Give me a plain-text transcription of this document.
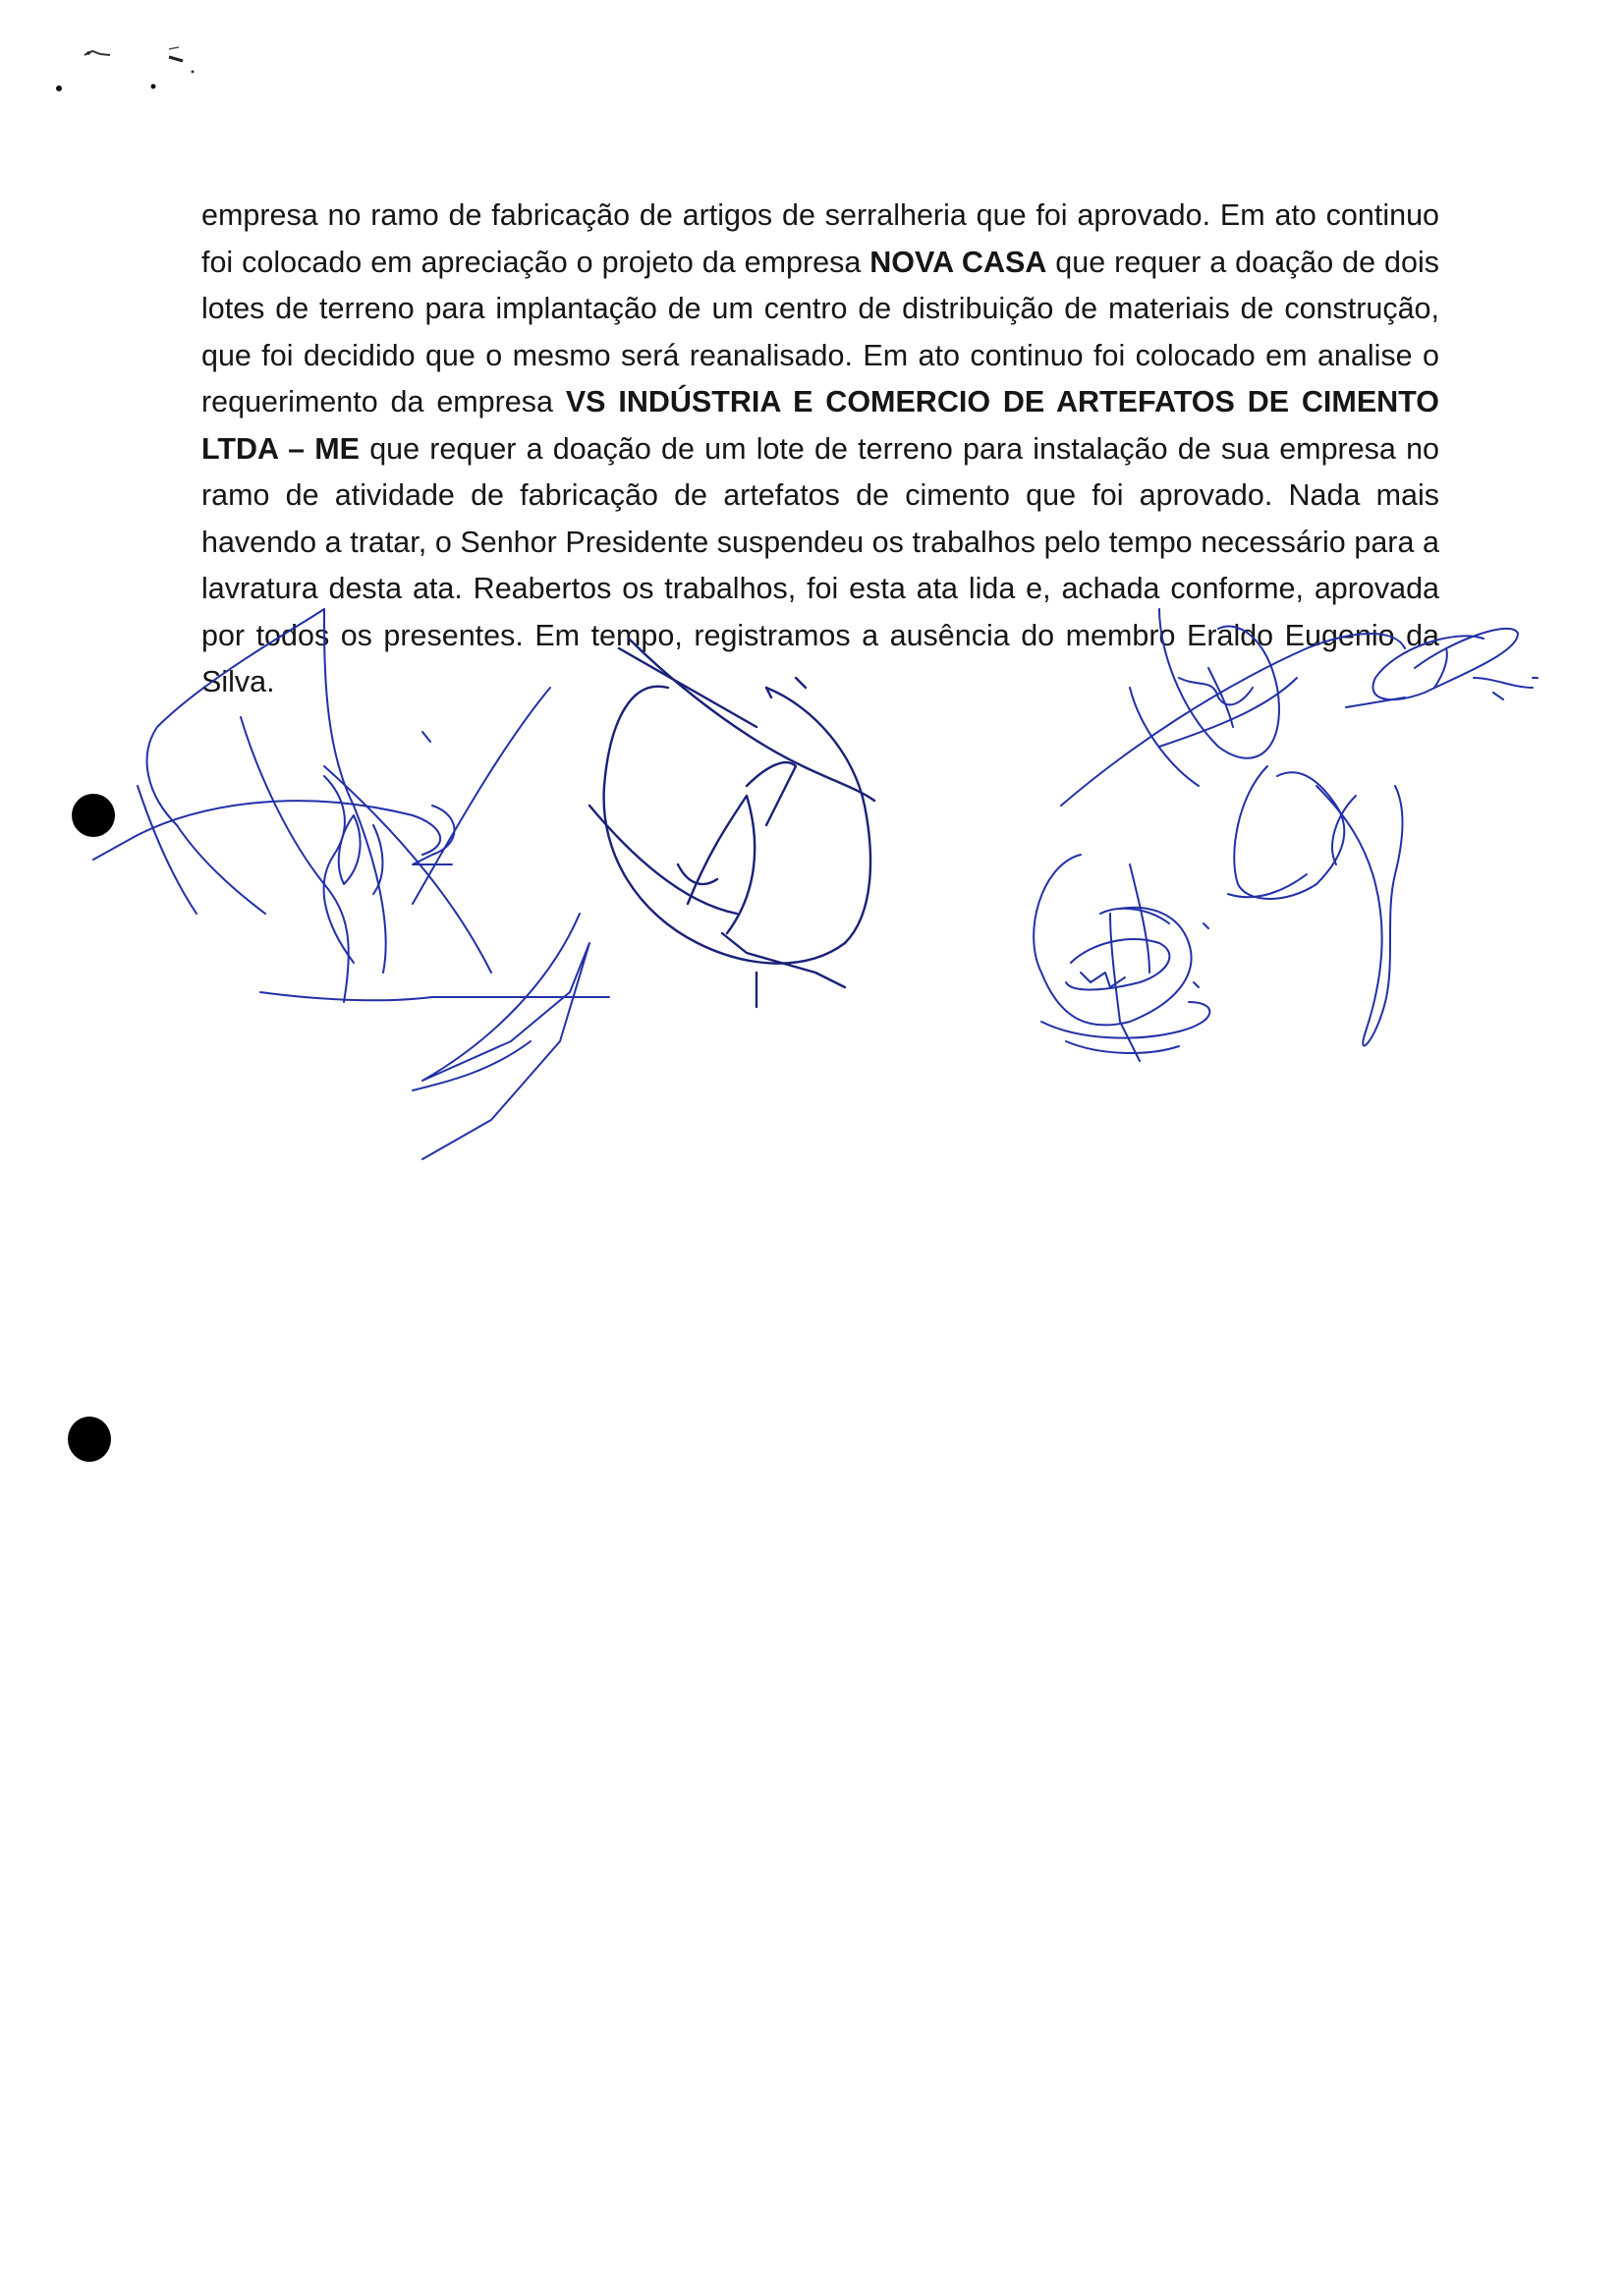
empresa no ramo de fabricação de artigos de serralheria que foi aprovado. Em ato continuo foi colocado em apreciação o projeto da empresa NOVA CASA que requer a doação de dois lotes de terreno para implantação de um centro de distribuição de materiais de construção, que foi decidido que o mesmo será reanalisado. Em ato continuo foi colocado em analise o requerimento da empresa VS INDÚSTRIA E COMERCIO DE ARTEFATOS DE CIMENTO LTDA – ME que requer a doação de um lote de terreno para instalação de sua empresa no ramo de atividade de fabricação de artefatos de cimento que foi aprovado. Nada mais havendo a tratar, o Senhor Presidente suspendeu os trabalhos pelo tempo necessário para a lavratura desta ata. Reabertos os trabalhos, foi esta ata lida e, achada conforme, aprovada por todos os presentes. Em tempo, registramos a ausência do membro Eraldo Eugenio da Silva.
